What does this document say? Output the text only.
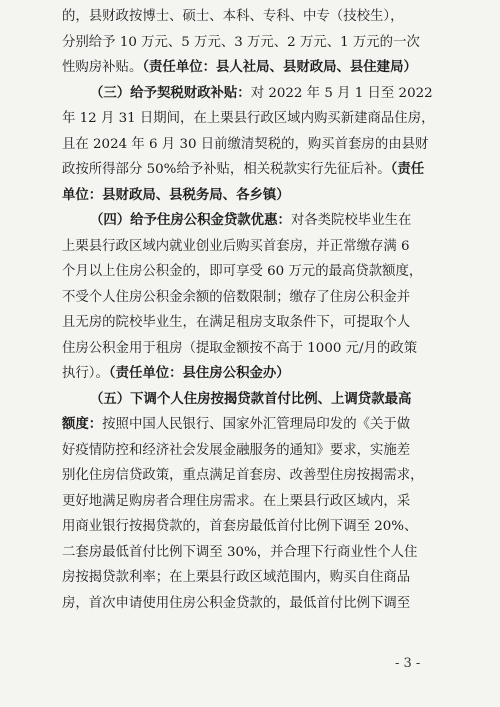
的，县财政按博士、硕士、本科、专科、中专（技校生），
分别给予 10 万元、5 万元、3 万元、2 万元、1 万元的一次
性购房补贴。（责任单位：县人社局、县财政局、县住建局）
（三）给予契税财政补贴：对 2022 年 5 月 1 日至 2022
年 12 月 31 日期间，在上栗县行政区域内购买新建商品住房，
且在 2024 年 6 月 30 日前缴清契税的，购买首套房的由县财
政按所得部分 50%给予补贴，相关税款实行先征后补。（责任
单位：县财政局、县税务局、各乡镇）
（四）给予住房公积金贷款优惠：对各类院校毕业生在
上栗县行政区域内就业创业后购买首套房，并正常缴存满 6
个月以上住房公积金的，即可享受 60 万元的最高贷款额度，
不受个人住房公积金余额的倍数限制；缴存了住房公积金并
且无房的院校毕业生，在满足租房支取条件下，可提取个人
住房公积金用于租房（提取金额按不高于 1000 元/月的政策
执行）。（责任单位：县住房公积金办）
（五）下调个人住房按揭贷款首付比例、上调贷款最高
额度：按照中国人民银行、国家外汇管理局印发的《关于做
好疫情防控和经济社会发展金融服务的通知》要求，实施差
别化住房信贷政策，重点满足首套房、改善型住房按揭需求，
更好地满足购房者合理住房需求。在上栗县行政区域内，采
用商业银行按揭贷款的，首套房最低首付比例下调至 20%、
二套房最低首付比例下调至 30%，并合理下行商业性个人住
房按揭贷款利率；在上栗县行政区域范围内，购买自住商品
房，首次申请使用住房公积金贷款的，最低首付比例下调至
- 3 -
